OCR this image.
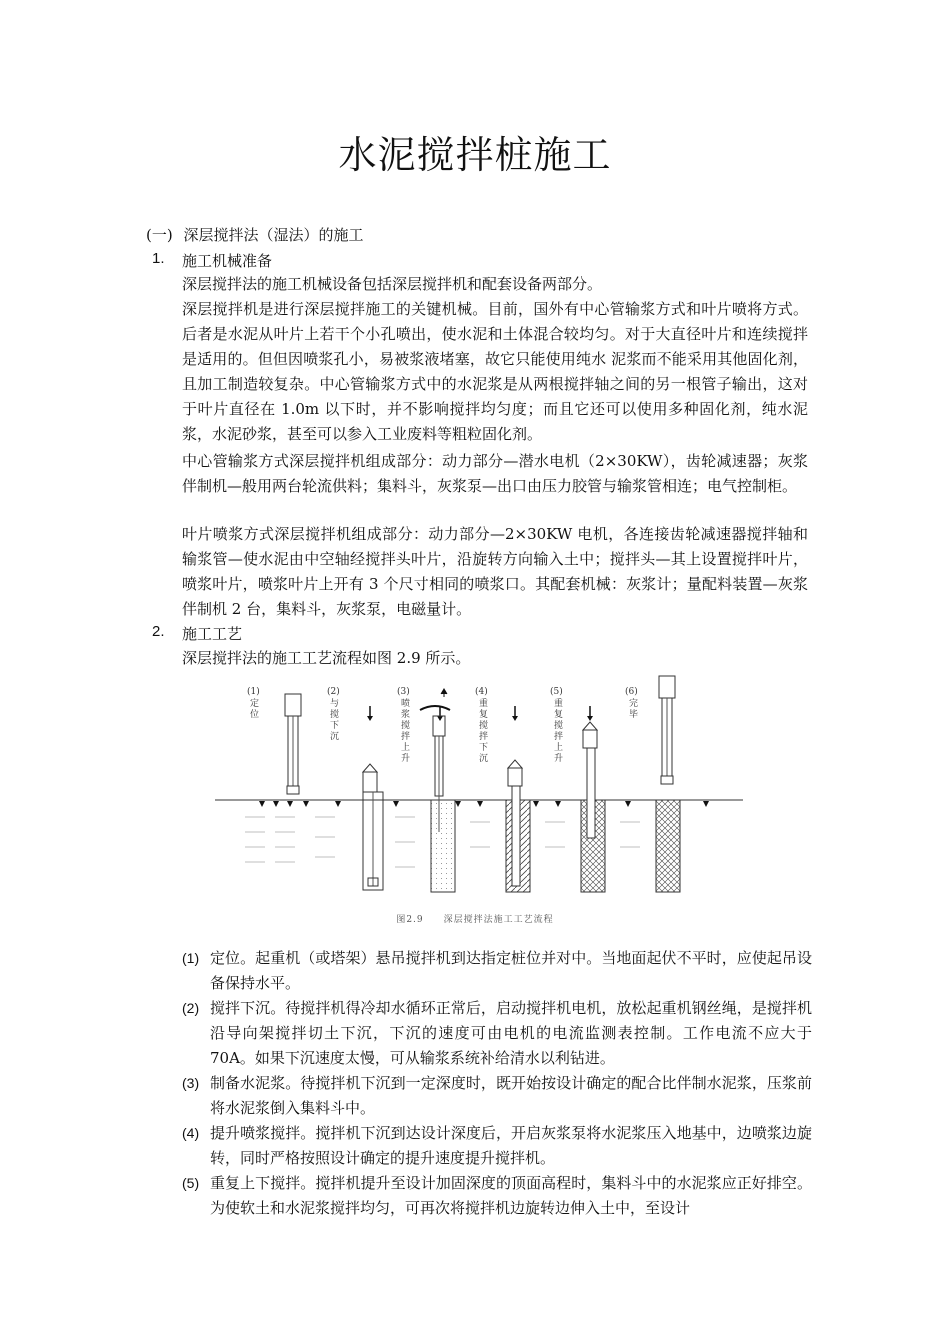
水泥搅拌桩施工
(一) 深层搅拌法（湿法）的施工
1. 施工机械准备

深层搅拌法的施工机械设备包括深层搅拌机和配套设备两部分。

深层搅拌机是进行深层搅拌施工的关键机械。目前，国外有中心管输浆方式和叶片喷将方式。后者是水泥从叶片上若干个小孔喷出，使水泥和土体混合较均匀。对于大直径叶片和连续搅拌是适用的。但但因喷浆孔小，易被浆液堵塞，故它只能使用纯水 泥浆而不能采用其他固化剂，且加工制造较复杂。中心管输浆方式中的水泥浆是从两根搅拌轴之间的另一根管子输出，这对于叶片直径在 1.0m 以下时，并不影响搅拌均匀度；而且它还可以使用多种固化剂，纯水泥浆，水泥砂浆，甚至可以参入工业废料等粗粒固化剂。

中心管输浆方式深层搅拌机组成部分：动力部分—潜水电机（2×30KW），齿轮减速器；灰浆伴制机—般用两台轮流供料；集料斗，灰浆泵—出口由压力胶管与输浆管相连；电气控制柜。

叶片喷浆方式深层搅拌机组成部分：动力部分—2×30KW 电机，各连接齿轮减速器搅拌轴和输浆管—使水泥由中空轴经搅拌头叶片，沿旋转方向输入土中；搅拌头—其上设置搅拌叶片，喷浆叶片，喷浆叶片上开有 3 个尺寸相同的喷浆口。其配套机械：灰浆计；量配料装置—灰浆伴制机 2 台，集料斗，灰浆泵，电磁量计。

2. 施工工艺

深层搅拌法的施工工艺流程如图 2.9 所示。

(1)	(2)	(3)	(4)	(5)	(6)
定
位
与
搅
下
沉
喷
浆
搅
拌
上
升
重
复
搅
拌
下
沉
重
复
搅
拌
上
升
完
毕
图2.9　　深层搅拌法施工工艺流程
(1) 定位。起重机（或塔架）悬吊搅拌机到达指定桩位并对中。当地面起伏不平时，应使起吊设备保持水平。

(2) 搅拌下沉。待搅拌机得冷却水循环正常后，启动搅拌机电机，放松起重机钢丝绳，是搅拌机沿导向架搅拌切土下沉，下沉的速度可由电机的电流监测表控制。工作电流不应大于 70A。如果下沉速度太慢，可从输浆系统补给清水以利钻进。

(3) 制备水泥浆。待搅拌机下沉到一定深度时，既开始按设计确定的配合比伴制水泥浆，压浆前将水泥浆倒入集料斗中。

(4) 提升喷浆搅拌。搅拌机下沉到达设计深度后，开启灰浆泵将水泥浆压入地基中，边喷浆边旋转，同时严格按照设计确定的提升速度提升搅拌机。

(5) 重复上下搅拌。搅拌机提升至设计加固深度的顶面高程时，集料斗中的水泥浆应正好排空。为使软土和水泥浆搅拌均匀，可再次将搅拌机边旋转边伸入土中，至设计
